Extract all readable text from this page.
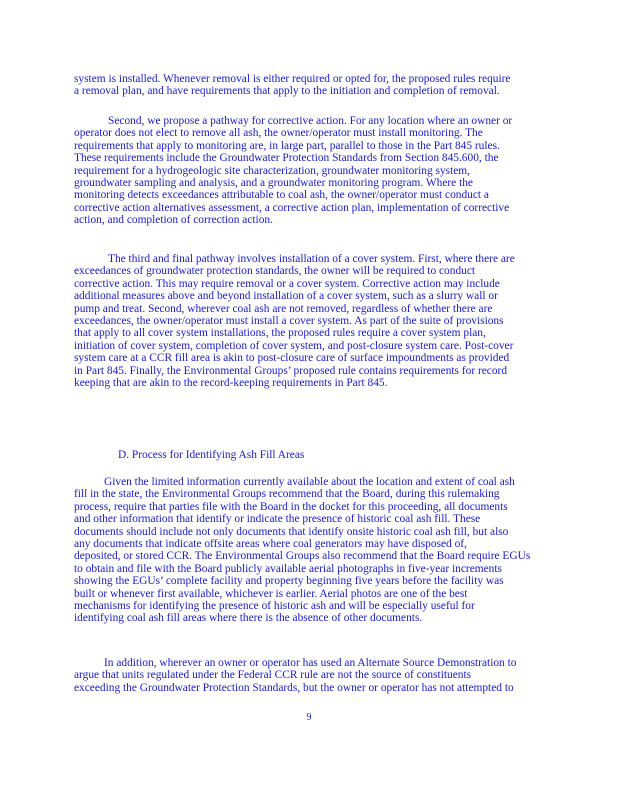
system is installed. Whenever removal is either required or opted for, the proposed rules require
a removal plan, and have requirements that apply to the initiation and completion of removal.

Second, we propose a pathway for corrective action. For any location where an owner or
operator does not elect to remove all ash, the owner/operator must install monitoring. The
requirements that apply to monitoring are, in large part, parallel to those in the Part 845 rules.
These requirements include the Groundwater Protection Standards from Section 845.600, the
requirement for a hydrogeologic site characterization, groundwater monitoring system,
groundwater sampling and analysis, and a groundwater monitoring program. Where the
monitoring detects exceedances attributable to coal ash, the owner/operator must conduct a
corrective action alternatives assessment, a corrective action plan, implementation of corrective
action, and completion of correction action.

The third and final pathway involves installation of a cover system. First, where there are
exceedances of groundwater protection standards, the owner will be required to conduct
corrective action. This may require removal or a cover system. Corrective action may include
additional measures above and beyond installation of a cover system, such as a slurry wall or
pump and treat. Second, wherever coal ash are not removed, regardless of whether there are
exceedances, the owner/operator must install a cover system. As part of the suite of provisions
that apply to all cover system installations, the proposed rules require a cover system plan,
initiation of cover system, completion of cover system, and post-closure system care. Post-cover
system care at a CCR fill area is akin to post-closure care of surface impoundments as provided
in Part 845. Finally, the Environmental Groups’ proposed rule contains requirements for record
keeping that are akin to the record-keeping requirements in Part 845.

D. Process for Identifying Ash Fill Areas

Given the limited information currently available about the location and extent of coal ash
fill in the state, the Environmental Groups recommend that the Board, during this rulemaking
process, require that parties file with the Board in the docket for this proceeding, all documents
and other information that identify or indicate the presence of historic coal ash fill. These
documents should include not only documents that identify onsite historic coal ash fill, but also
any documents that indicate offsite areas where coal generators may have disposed of,
deposited, or stored CCR. The Environmental Groups also recommend that the Board require EGUs
to obtain and file with the Board publicly available aerial photographs in five-year increments
showing the EGUs’ complete facility and property beginning five years before the facility was
built or whenever first available, whichever is earlier. Aerial photos are one of the best
mechanisms for identifying the presence of historic ash and will be especially useful for
identifying coal ash fill areas where there is the absence of other documents.

In addition, wherever an owner or operator has used an Alternate Source Demonstration to
argue that units regulated under the Federal CCR rule are not the source of constituents
exceeding the Groundwater Protection Standards, but the owner or operator has not attempted to

9
